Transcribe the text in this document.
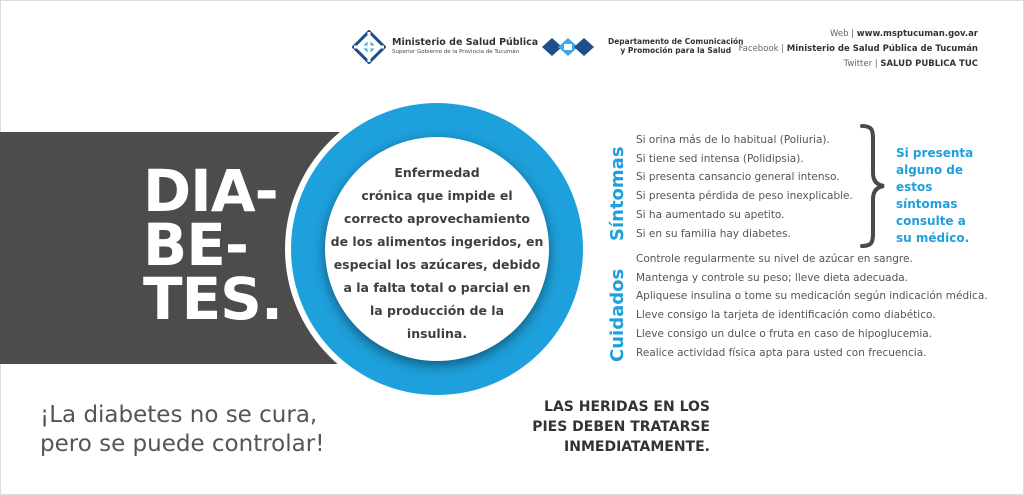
Ministerio de Salud Pública
Superior Gobierno de la Provincia de Tucumán
Departamento de Comunicación
y Promoción para la Salud
Web | www.msptucuman.gov.ar
Facebook | Ministerio de Salud Pública de Tucumán
Twitter | SALUD PUBLICA TUC
DIA-
BE-
TES.
Enfermedad
crónica que impide el
correcto aprovechamiento
de los alimentos ingeridos, en
especial los azúcares, debido
a la falta total o parcial en
la producción de la
insulina.
Síntomas
Si orina más de lo habitual (Poliuria).
Si tiene sed intensa (Polidipsia).
Si presenta cansancio general intenso.
Si presenta pérdida de peso inexplicable.
Si ha aumentado su apetito.
Si en su familia hay diabetes.
Si presenta
alguno de
estos síntomas
consulte a
su médico.
Cuidados
Controle regularmente su nivel de azúcar en sangre.
Mantenga y controle su peso; lleve dieta adecuada.
Apliquese insulina o tome su medicación según indicación médica.
Lleve consigo la tarjeta de identificación como diabético.
Lleve consigo un dulce o fruta en caso de hipoglucemia.
Realice actividad física apta para usted con frecuencia.
¡La diabetes no se cura,
pero se puede controlar!
LAS HERIDAS EN LOS
PIES DEBEN TRATARSE
INMEDIATAMENTE.
